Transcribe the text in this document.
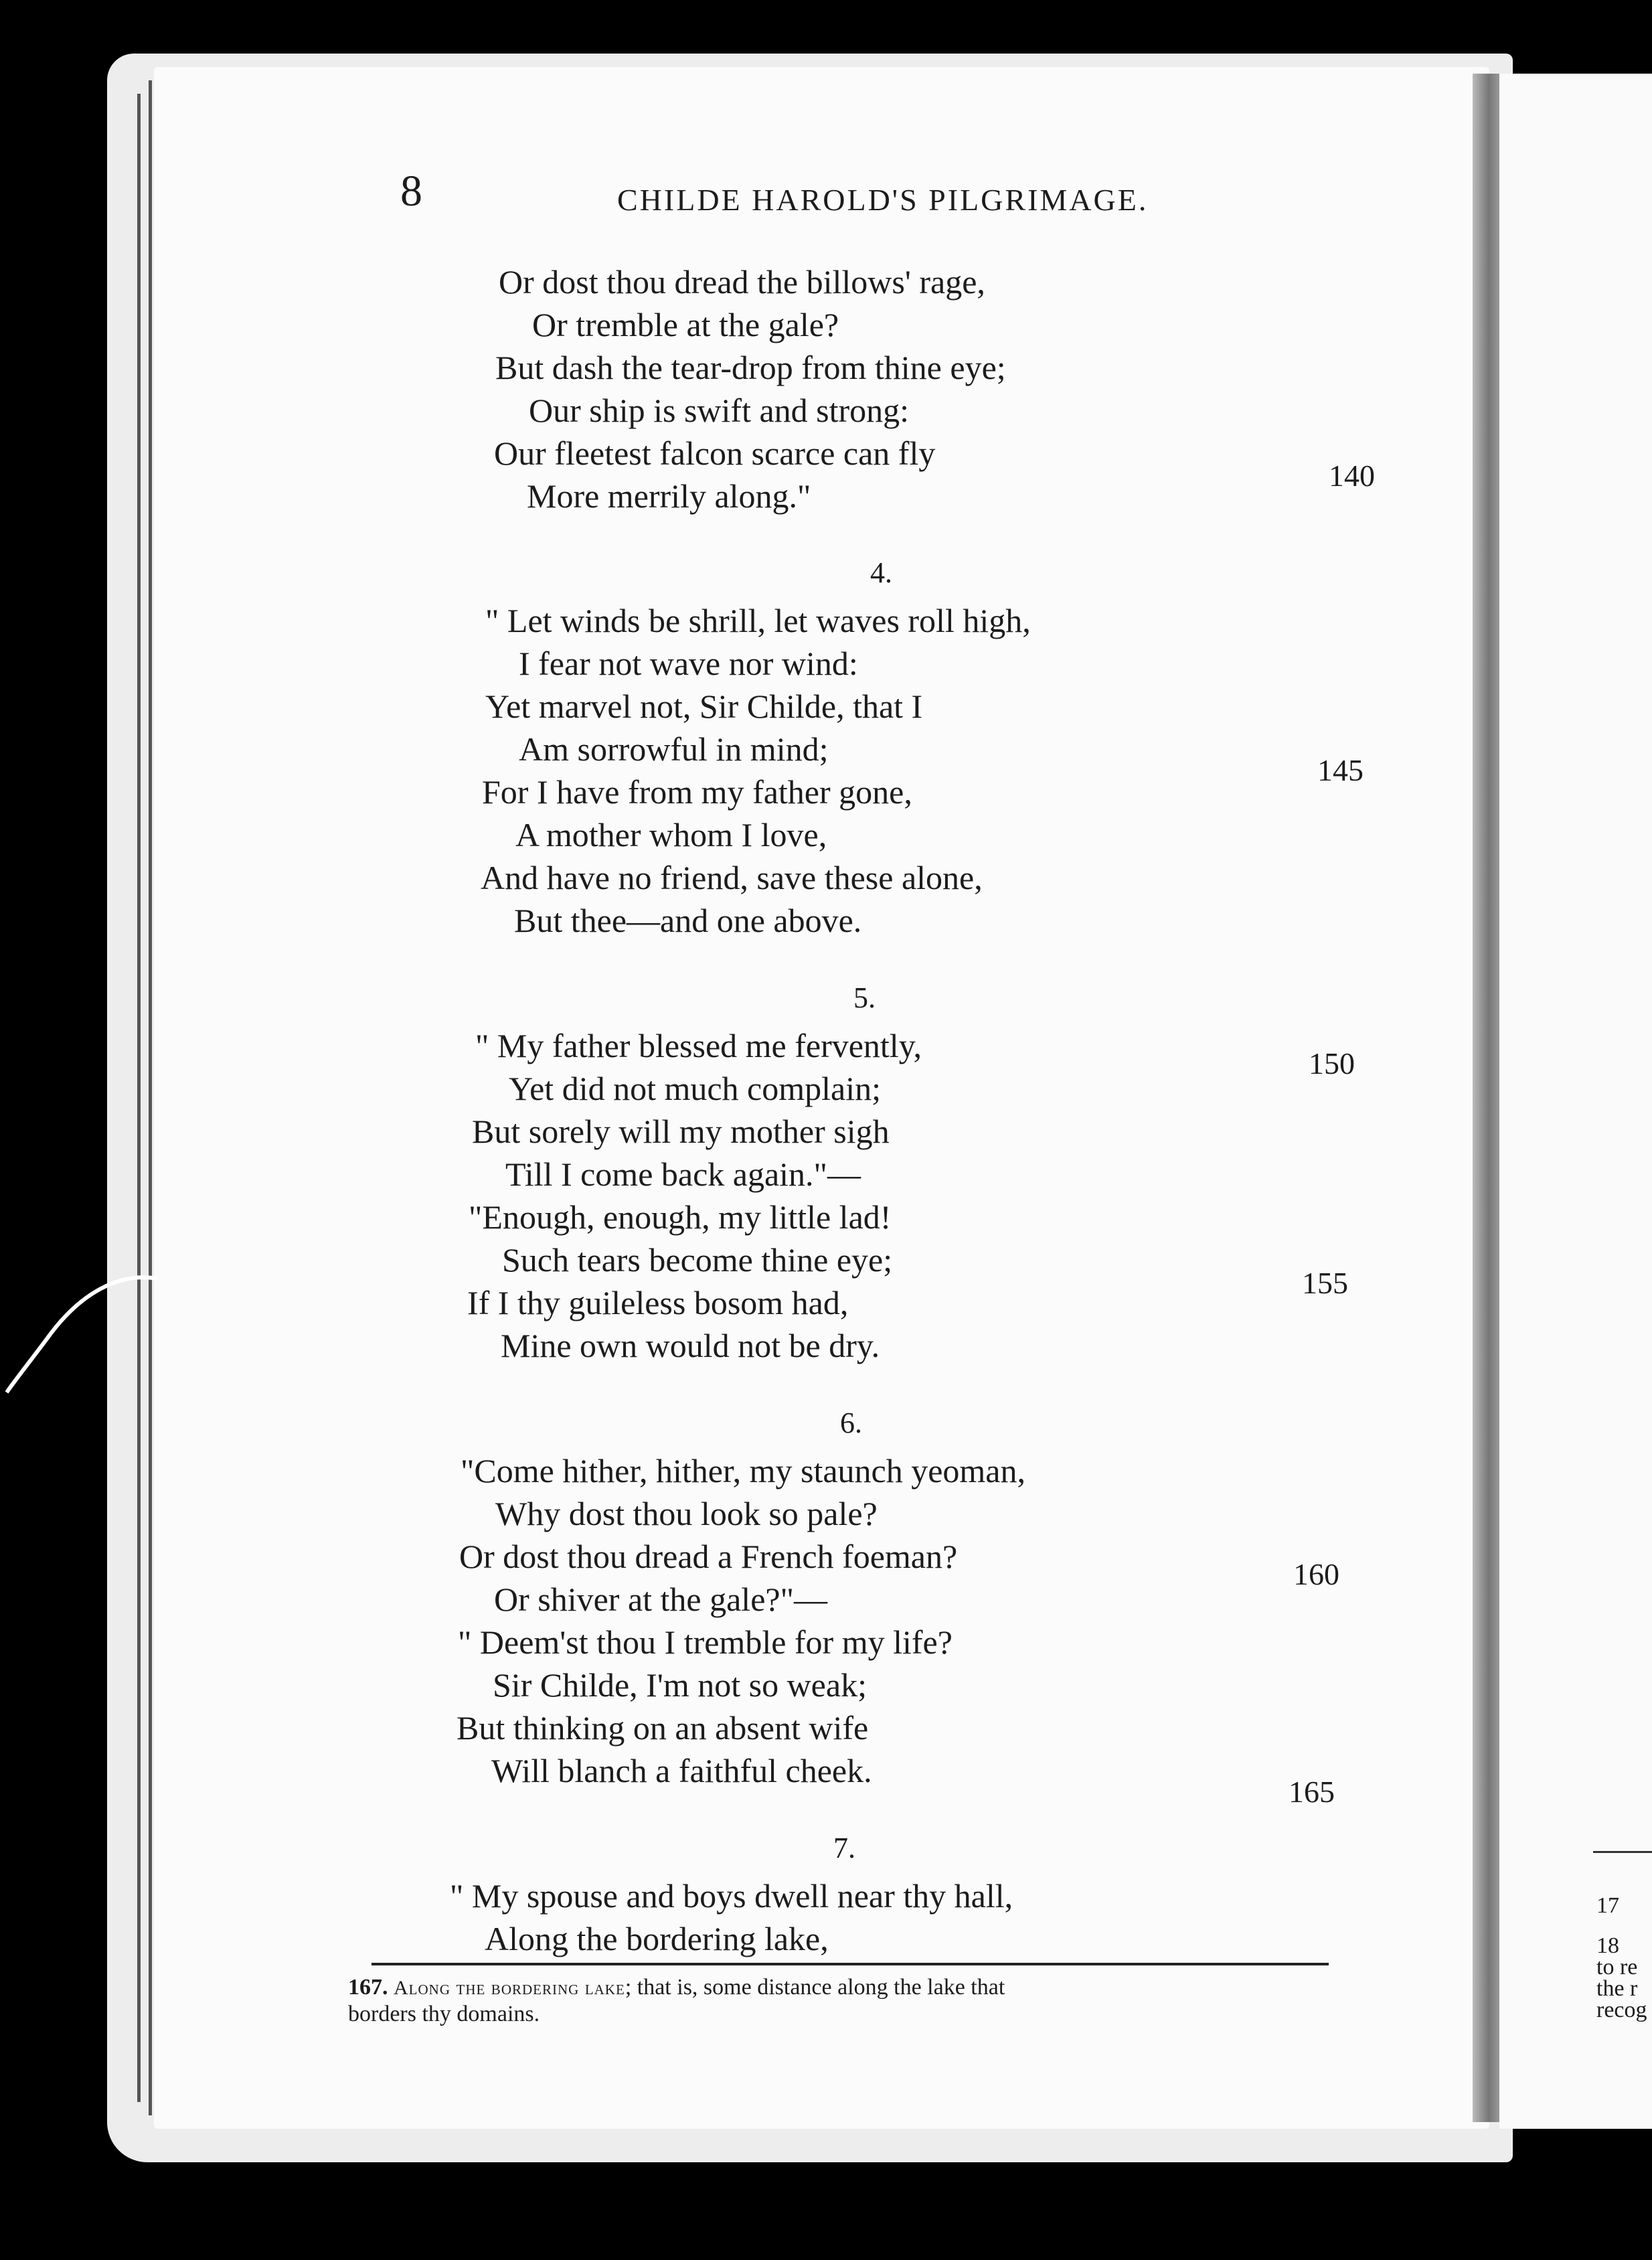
17
18
to re
the r
recog
8	CHILDE HAROLD'S PILGRIMAGE.
Or dost thou dread the billows' rage,
Or tremble at the gale?
But dash the tear-drop from thine eye;
Our ship is swift and strong:
Our fleetest falcon scarce can fly
More merrily along."
4.
" Let winds be shrill, let waves roll high,
I fear not wave nor wind:
Yet marvel not, Sir Childe, that I
Am sorrowful in mind;
For I have from my father gone,
A mother whom I love,
And have no friend, save these alone,
But thee—and one above.
5.
" My father blessed me fervently,
Yet did not much complain;
But sorely will my mother sigh
Till I come back again."—
"Enough, enough, my little lad!
Such tears become thine eye;
If I thy guileless bosom had,
Mine own would not be dry.
6.
"Come hither, hither, my staunch yeoman,
Why dost thou look so pale?
Or dost thou dread a French foeman?
Or shiver at the gale?"—
" Deem'st thou I tremble for my life?
Sir Childe, I'm not so weak;
But thinking on an absent wife
Will blanch a faithful cheek.
7.
" My spouse and boys dwell near thy hall,
Along the bordering lake,
140
145
150
155
160
165
167. Along the bordering lake; that is, some distance along the lake that
borders thy domains.
